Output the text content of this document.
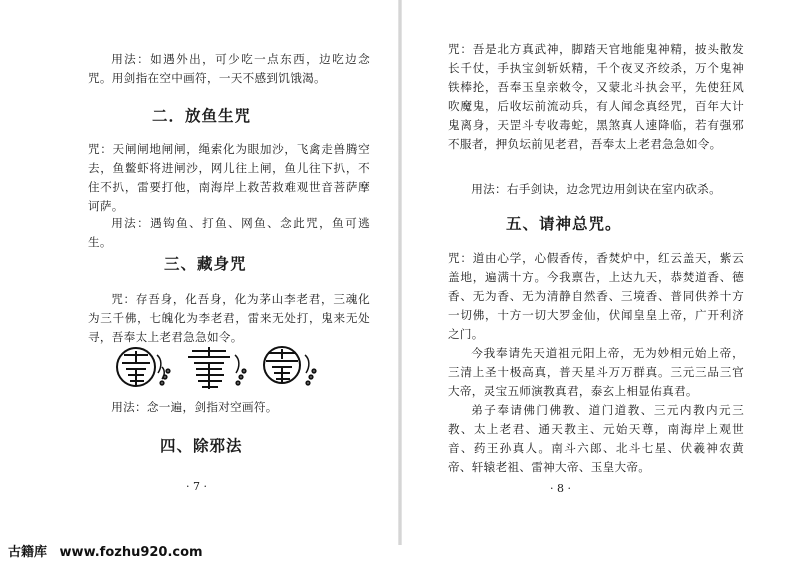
用法：如遇外出，可少吃一点东西，边吃边念咒。用剑指在空中画符，一天不感到饥饿渴。

二．放鱼生咒

咒：天闸闸地闸闸，绳索化为眼加沙，飞禽走兽腾空去，鱼鳖虾将进闸沙，网儿往上闸，鱼儿往下扒，不住不扒，雷要打他，南海岸上救苦救难观世音菩萨摩诃萨。

用法：遇钩鱼、打鱼、网鱼、念此咒，鱼可逃生。

三、藏身咒

咒：存吾身，化吾身，化为茅山李老君，三魂化为三千佛，七魄化为李老君，雷来无处打，鬼来无处寻，吾奉太上老君急急如令。

用法：念一遍，剑指对空画符。

四、除邪法
· 7 ·

咒：吾是北方真武神，脚踏天官地能鬼神精，披头散发长千仗，手执宝剑斩妖精，千个夜叉齐绞杀，万个鬼神铁棒抡，吾奉玉皇亲敕令，又蒙北斗执会平，先使狂风吹魔鬼，后收坛前流动兵，有人闻念真经咒，百年大计鬼离身，天罡斗专收毒蛇，黑煞真人速降临，若有强邪不服者，押负坛前见老君，吾奉太上老君急急如令。

用法：右手剑诀，边念咒边用剑诀在室内砍杀。

五、请神总咒。

咒：道由心学，心假香传，香焚炉中，红云盖天，紫云盖地，遍满十方。今我禀告，上达九天，恭焚道香、德香、无为香、无为清静自然香、三境香、普同供养十方一切佛，十方一切大罗金仙，伏闻皇皇上帝，广开利济之门。

今我奉请先天道祖元阳上帝，无为妙相元始上帝，三清上圣十极高真，普天星斗万万群真。三元三品三官大帝，灵宝五师演教真君，泰玄上相显佑真君。

弟子奉请佛门佛教、道门道教、三元内教内元三教、太上老君、通天教主、元始天尊，南海岸上观世音、药王孙真人。南斗六郎、北斗七星、伏羲神农黄帝、轩辕老祖、雷神大帝、玉皇大帝。

· 8 ·
古籍库 www.fozhu920.com
